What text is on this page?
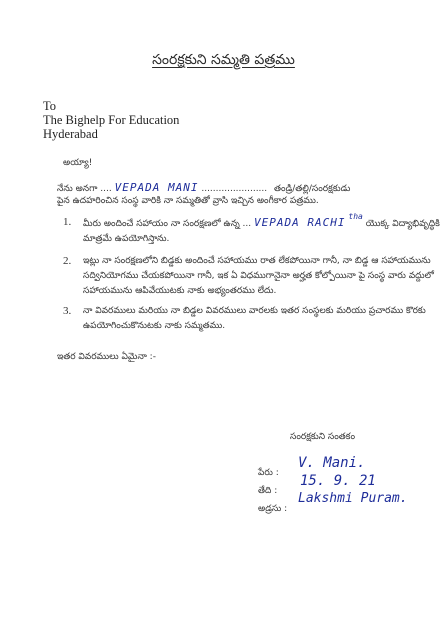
సంరక్షకుని సమ్మతి పత్రము
To
The Bighelp For Education
Hyderabad
అయ్యా!
నేను అనగా .... VEPADA MANI ....................... తండ్రి/తల్లి/సంరక్షకుడు
పైన ఉదహరించిన సంస్థ వారికి నా సమ్మతితో వ్రాసి ఇచ్చిన అంగీకార పత్రము.
1. మీరు అందించే సహాయం నా సంరక్షణలో ఉన్న ... VEPADA RACHI tha యొక్క విద్యాభివృద్ధికి
మాత్రమే ఉపయోగిస్తాను.
2. ఇట్లు నా సంరక్షణలోని బిడ్డకు అందించే సహాయము రాత లేకపోయినా గానీ, నా బిడ్డ ఆ సహాయమును
సద్వినియోగము చేయకపోయినా గానీ, ఇక ఏ విధముగానైనా అర్హత కోల్పోయినా పై సంస్థ వారు వద్దులో
సహాయమును ఆపివేయుటకు నాకు అభ్యంతరము లేదు.
3. నా వివరములు మరియు నా బిడ్డల వివరములు వారలకు ఇతర సంస్థలకు మరియు ప్రచారము కొరకు
ఉపయోగించుకొనుటకు నాకు సమ్మతము.
ఇతర వివరములు ఏమైనా :-
సంరక్షకుని సంతకం
పేరు :
V. Mani.
తేది :
15. 9. 21
అడ్రసు :
Lakshmi Puram.
